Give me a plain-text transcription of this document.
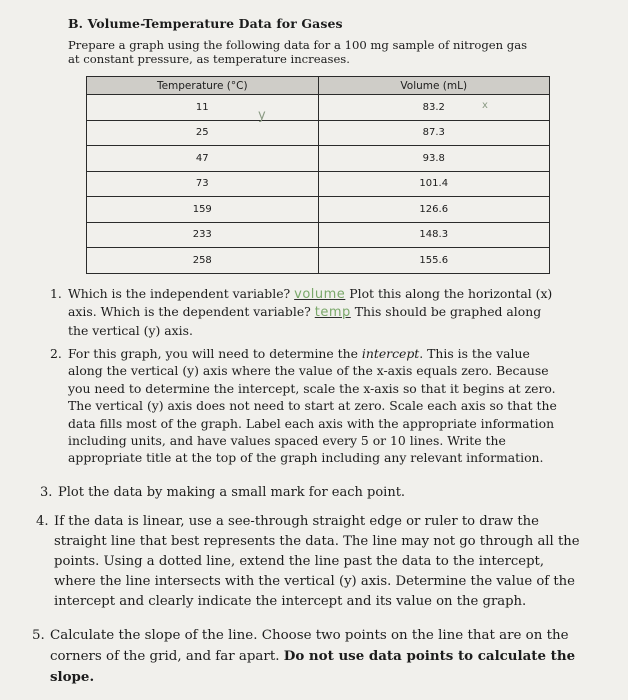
B. Volume-Temperature Data for Gases
Prepare a graph using the following data for a 100 mg sample of nitrogen gas at constant pressure, as temperature increases.
Temperature (°C)	Volume (mL)
11	83.2
25	87.3
47	93.8
73	101.4
159	126.6
233	148.3
258	155.6
y
x
1. Which is the independent variable? volume Plot this along the horizontal (x) axis. Which is the dependent variable? temp This should be graphed along the vertical (y) axis.
2. For this graph, you will need to determine the intercept. This is the value along the vertical (y) axis where the value of the x-axis equals zero. Because you need to determine the intercept, scale the x-axis so that it begins at zero. The vertical (y) axis does not need to start at zero. Scale each axis so that the data fills most of the graph. Label each axis with the appropriate information including units, and have values spaced every 5 or 10 lines. Write the appropriate title at the top of the graph including any relevant information.
3. Plot the data by making a small mark for each point.
4. If the data is linear, use a see-through straight edge or ruler to draw the straight line that best represents the data. The line may not go through all the points. Using a dotted line, extend the line past the data to the intercept, where the line intersects with the vertical (y) axis. Determine the value of the intercept and clearly indicate the intercept and its value on the graph.
5. Calculate the slope of the line. Choose two points on the line that are on the corners of the grid, and far apart. Do not use data points to calculate the slope.
